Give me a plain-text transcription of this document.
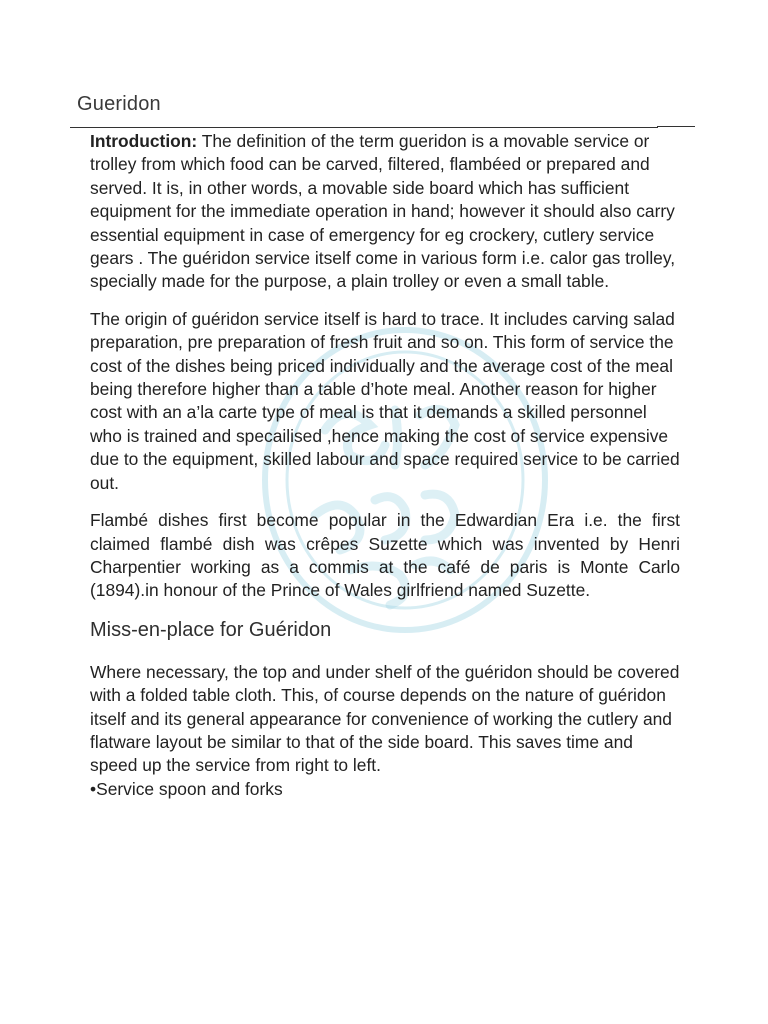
Gueridon

Introduction: The definition of the term gueridon is a movable service or trolley from which food can be carved, filtered, flambéed or prepared and served. It is, in other words, a movable side board which has sufficient equipment for the immediate operation in hand; however it should also carry essential equipment in case of emergency for eg crockery, cutlery service gears . The guéridon service itself come in various form i.e. calor gas trolley, specially made for the purpose, a plain trolley or even a small table.

The origin of guéridon service itself is hard to trace. It includes carving salad preparation, pre preparation of fresh fruit and so on. This form of service the cost of the dishes being priced individually and the average cost of the meal being therefore higher than a table d’hote meal. Another reason for higher cost with an a’la carte type of meal is that it demands a skilled personnel who is trained and specailised ,hence making the cost of service expensive due to the equipment, skilled labour and space required service to be carried out.

Flambé dishes first become popular in the Edwardian Era i.e. the first claimed flambé dish was crêpes Suzette which was invented by Henri Charpentier working as a commis at the café de paris is Monte Carlo (1894).in honour of the Prince of Wales girlfriend named Suzette.

Miss-en-place for Guéridon

Where necessary, the top and under shelf of the guéridon should be covered with a folded table cloth. This, of course depends on the nature of guéridon itself and its general appearance for convenience of working the cutlery and flatware layout be similar to that of the side board. This saves time and speed up the service from right to left.

•Service spoon and forks
